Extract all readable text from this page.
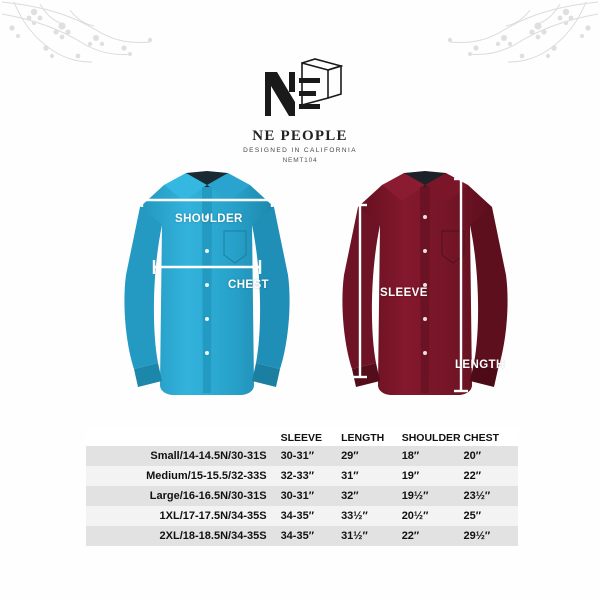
NE PEOPLE
DESIGNED IN CALIFORNIA
NEMT104
SHOULDER
CHEST
SLEEVE
LENGTH
	SLEEVE	LENGTH	SHOULDER	CHEST
Small/14-14.5N/30-31S	30-31″	29″	18″	20″
Medium/15-15.5/32-33S	32-33″	31″	19″	22″
Large/16-16.5N/30-31S	30-31″	32″	19½″	23½″
1XL/17-17.5N/34-35S	34-35″	33½″	20½″	25″
2XL/18-18.5N/34-35S	34-35″	31½″	22″	29½″
